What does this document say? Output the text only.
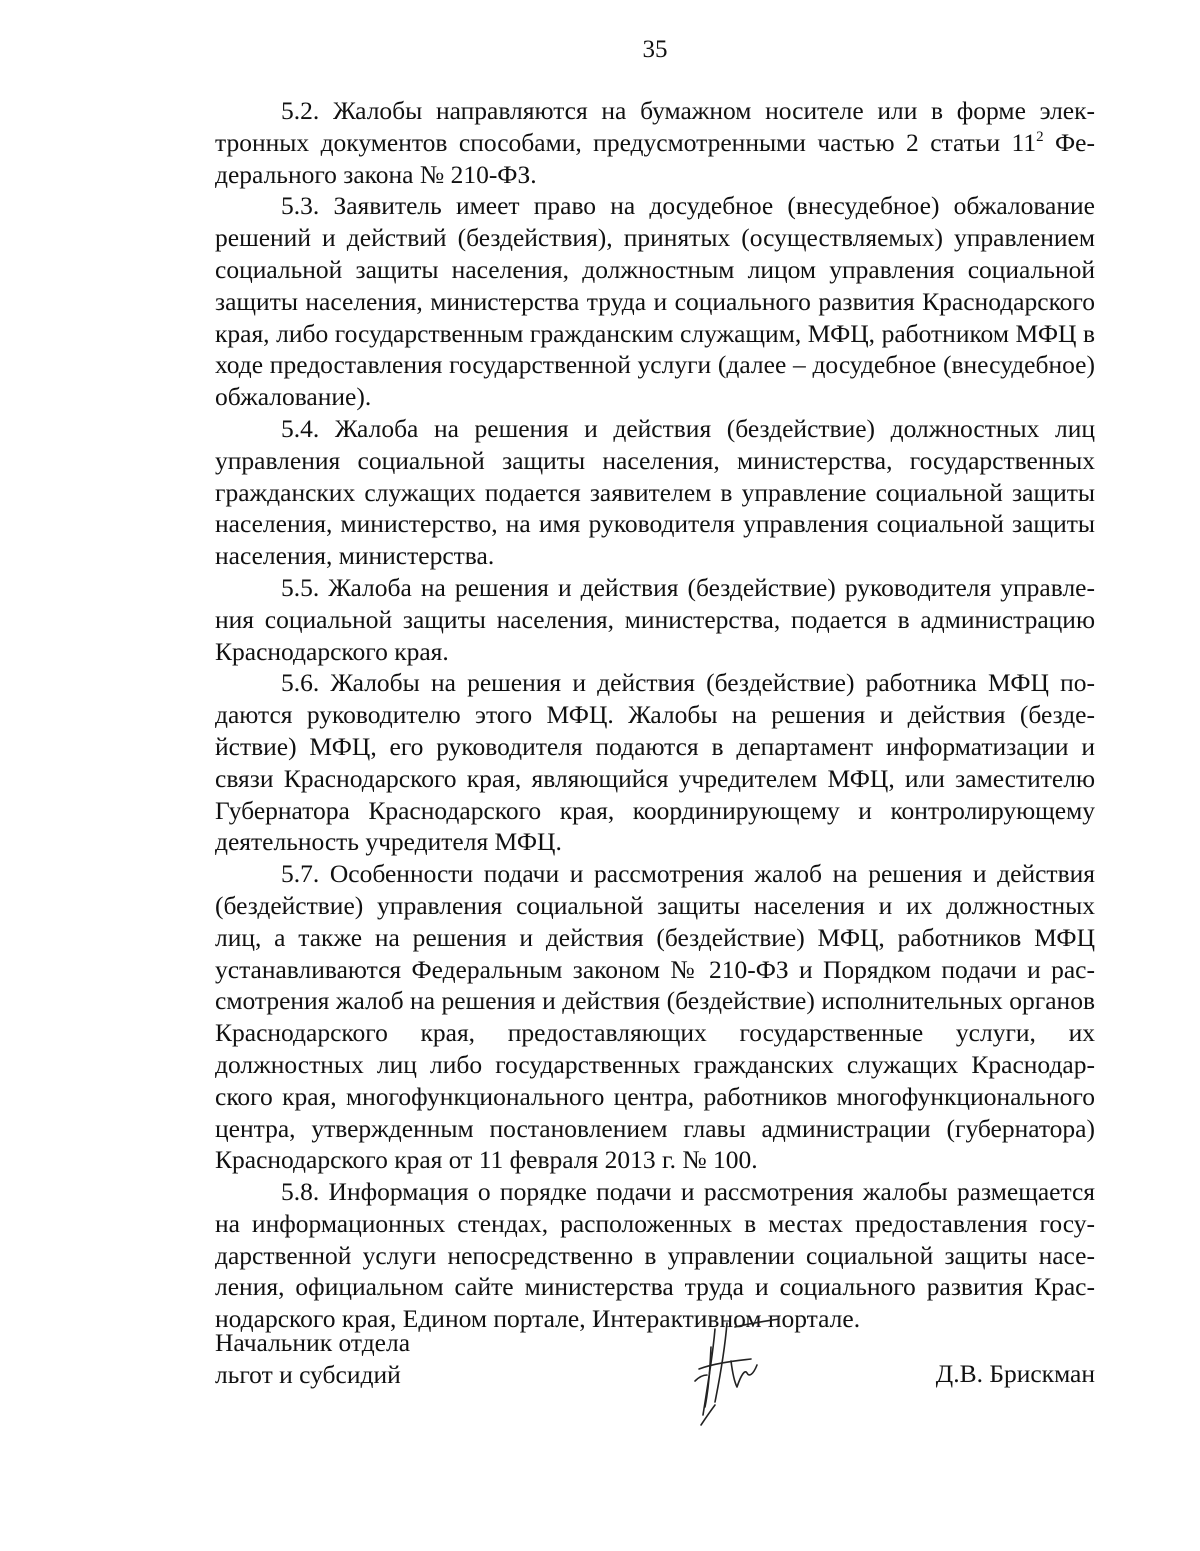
35

5.2. Жалобы направляются на бумажном носителе или в форме электронных документов способами, предусмотренными частью 2 статьи $11^2$ Федерального закона № 210-ФЗ.

5.3. Заявитель имеет право на досудебное (внесудебное) обжалование решений и действий (бездействия), принятых (осуществляемых) управлением социальной защиты населения, должностным лицом управления социальной защиты населения, министерства труда и социального развития Краснодарского края, либо государственным гражданским служащим, МФЦ, работником МФЦ в ходе предоставления государственной услуги (далее – досудебное (внесудебное) обжалование).

5.4. Жалоба на решения и действия (бездействие) должностных лиц управления социальной защиты населения, министерства, государственных гражданских служащих подается заявителем в управление социальной защиты населения, министерство, на имя руководителя управления социальной защиты населения, министерства.

5.5. Жалоба на решения и действия (бездействие) руководителя управления социальной защиты населения, министерства, подается в администрацию Краснодарского края.

5.6. Жалобы на решения и действия (бездействие) работника МФЦ подаются руководителю этого МФЦ. Жалобы на решения и действия (бездействие) МФЦ, его руководителя подаются в департамент информатизации и связи Краснодарского края, являющийся учредителем МФЦ, или заместителю Губернатора Краснодарского края, координирующему и контролирующему деятельность учредителя МФЦ.

5.7. Особенности подачи и рассмотрения жалоб на решения и действия (бездействие) управления социальной защиты населения и их должностных лиц, а также на решения и действия (бездействие) МФЦ, работников МФЦ устанавливаются Федеральным законом № 210-ФЗ и Порядком подачи и рассмотрения жалоб на решения и действия (бездействие) исполнительных органов Краснодарского края, предоставляющих государственные услуги, их должностных лиц либо государственных гражданских служащих Краснодарского края, многофункционального центра, работников многофункционального центра, утвержденным постановлением главы администрации (губернатора) Краснодарского края от 11 февраля 2013 г. № 100.

5.8. Информация о порядке подачи и рассмотрения жалобы размещается на информационных стендах, расположенных в местах предоставления государственной услуги непосредственно в управлении социальной защиты населения, официальном сайте министерства труда и социального развития Краснодарского края, Едином портале, Интерактивном портале.

Начальник отдела
льгот и субсидий	Д.В. Брискман
